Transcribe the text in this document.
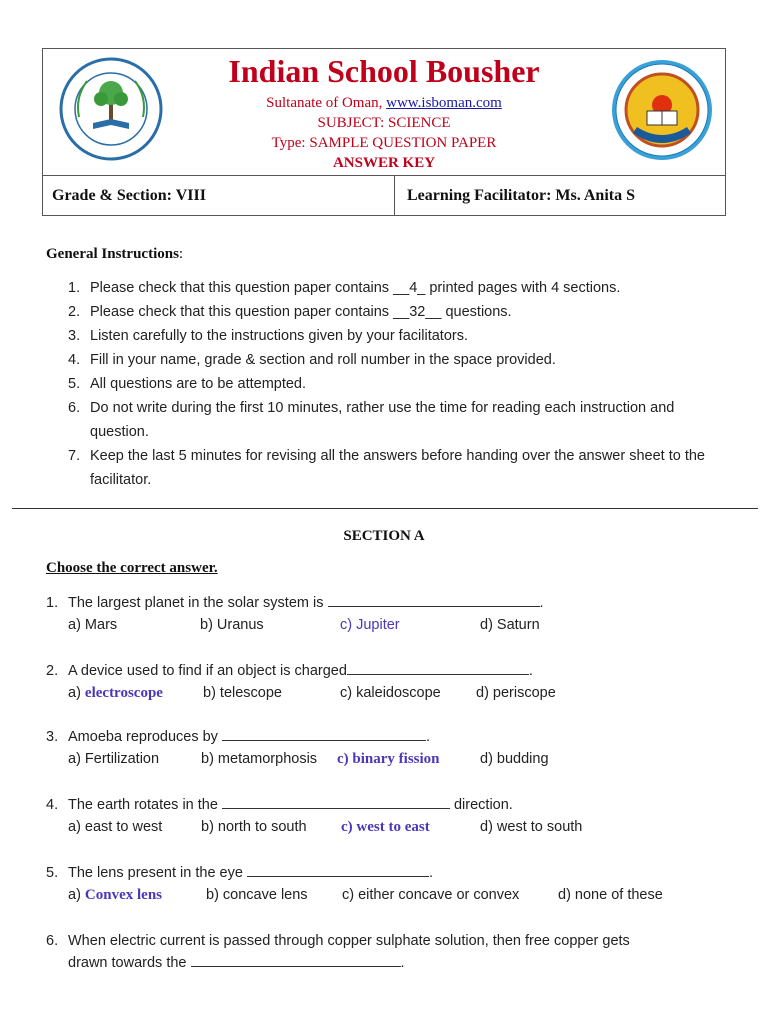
Indian School Bousher
Sultanate of Oman, www.isboman.com
SUBJECT: SCIENCE
Type: SAMPLE QUESTION PAPER
ANSWER KEY
Grade & Section: VIII	Learning Facilitator: Ms. Anita S
General Instructions:
1. Please check that this question paper contains __4_ printed pages with 4 sections.
2. Please check that this question paper contains __32__ questions.
3. Listen carefully to the instructions given by your facilitators.
4. Fill in your name, grade & section and roll number in the space provided.
5. All questions are to be attempted.
6. Do not write during the first 10 minutes, rather use the time for reading each instruction and question.
7. Keep the last 5 minutes for revising all the answers before handing over the answer sheet to the facilitator.
SECTION A
Choose the correct answer.
1. The largest planet in the solar system is	.
a) Mars	b) Uranus	c) Jupiter	d) Saturn
2. A device used to find if an object is charged	.
a) electroscope	b) telescope	c) kaleidoscope d) periscope
3. Amoeba reproduces by	.
a) Fertilization	b) metamorphosis c) binary fission	d) budding
4. The earth rotates in the	direction.
a) east to west	b) north to south c) west to east	d) west to south
5. The lens present in the eye	.
a) Convex lens	b) concave lens c) either concave or convex	d) none of these
6. When electric current is passed through copper sulphate solution, then free copper gets
drawn towards the	.
